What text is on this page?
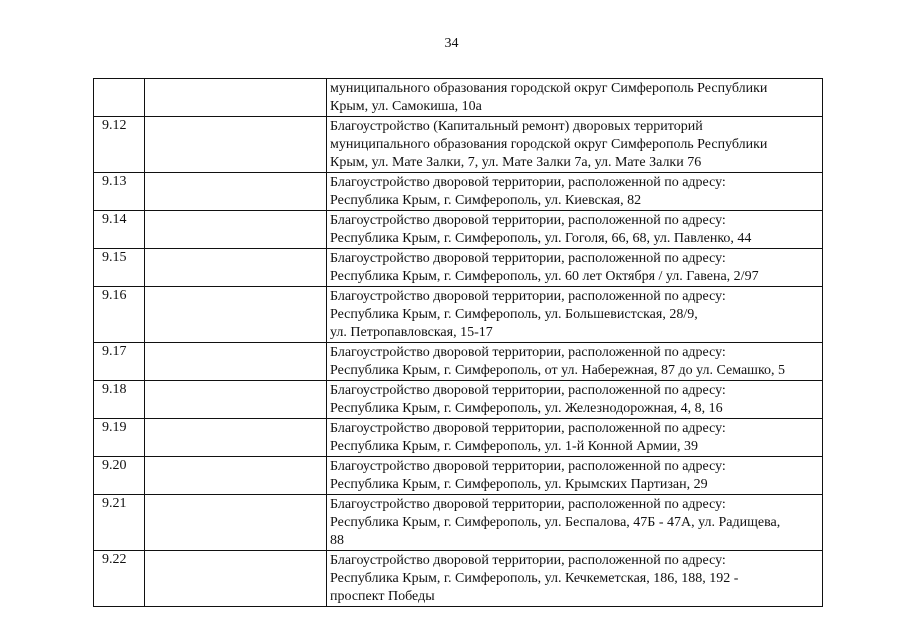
34

		муниципального образования городской округ Симферополь Республики
Крым, ул. Самокиша, 10а

9.12		Благоустройство (Капитальный ремонт) дворовых территорий
муниципального образования городской округ Симферополь Республики
Крым, ул. Мате Залки, 7, ул. Мате Залки 7а, ул. Мате Залки 76

9.13		Благоустройство дворовой территории, расположенной по адресу:
Республика Крым, г. Симферополь, ул. Киевская, 82

9.14		Благоустройство дворовой территории, расположенной по адресу:
Республика Крым, г. Симферополь, ул. Гоголя, 66, 68, ул. Павленко, 44

9.15		Благоустройство дворовой территории, расположенной по адресу:
Республика Крым, г. Симферополь, ул. 60 лет Октября / ул. Гавена, 2/97

9.16		Благоустройство дворовой территории, расположенной по адресу:
Республика Крым, г. Симферополь, ул. Большевистская, 28/9,
ул. Петропавловская, 15-17

9.17		Благоустройство дворовой территории, расположенной по адресу:
Республика Крым, г. Симферополь, от ул. Набережная, 87 до ул. Семашко, 5

9.18		Благоустройство дворовой территории, расположенной по адресу:
Республика Крым, г. Симферополь, ул. Железнодорожная, 4, 8, 16

9.19		Благоустройство дворовой территории, расположенной по адресу:
Республика Крым, г. Симферополь, ул. 1-й Конной Армии, 39

9.20		Благоустройство дворовой территории, расположенной по адресу:
Республика Крым, г. Симферополь, ул. Крымских Партизан, 29

9.21		Благоустройство дворовой территории, расположенной по адресу:
Республика Крым, г. Симферополь, ул. Беспалова, 47Б - 47А, ул. Радищева,
88

9.22		Благоустройство дворовой территории, расположенной по адресу:
Республика Крым, г. Симферополь, ул. Кечкеметская, 186, 188, 192 -
проспект Победы
